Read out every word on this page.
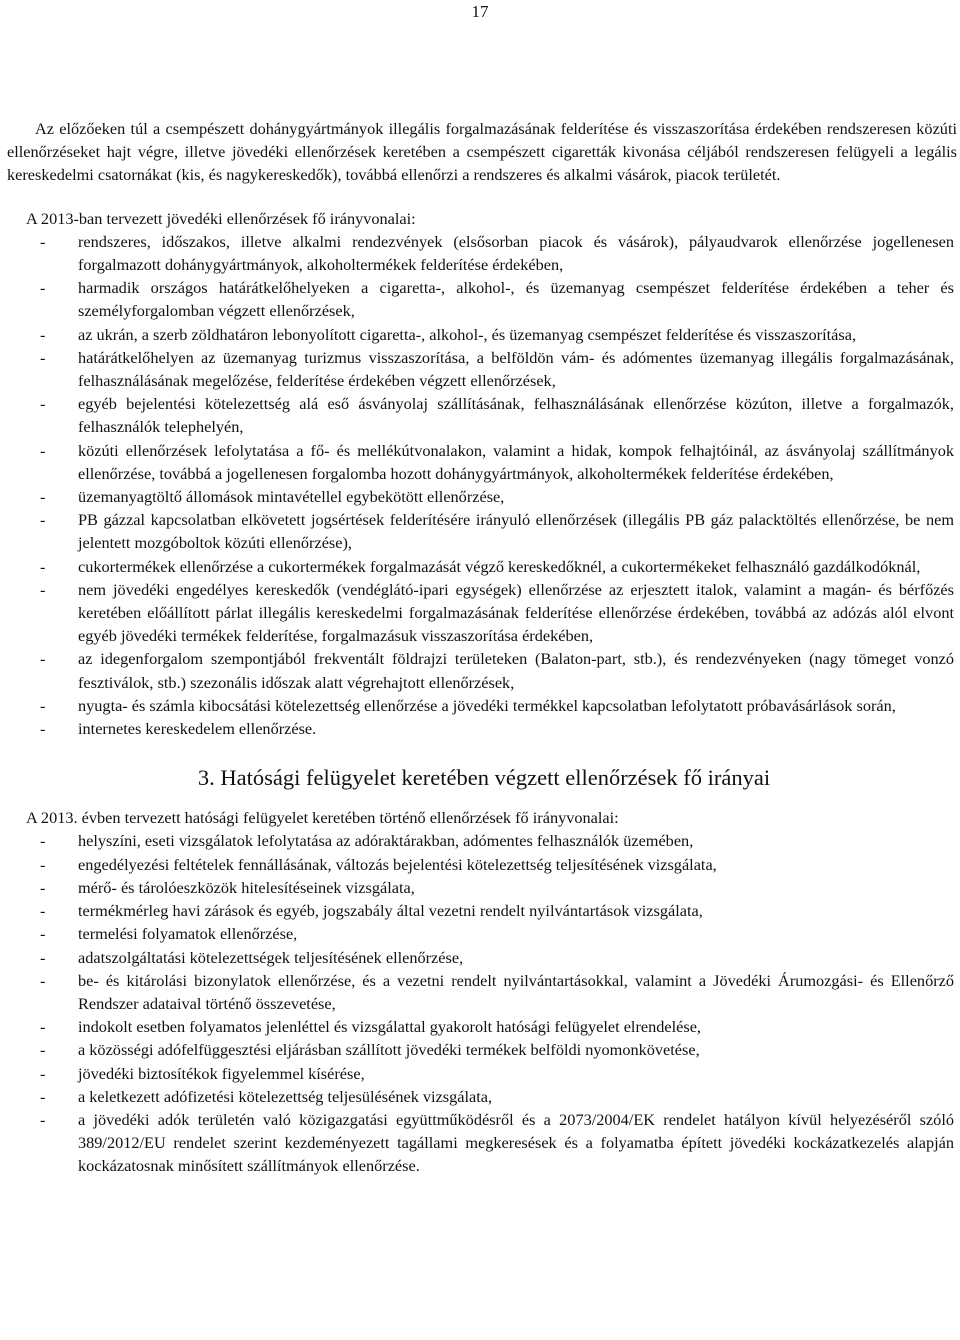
17

Az előzőeken túl a csempészett dohánygyártmányok illegális forgalmazásának felderítése és visszaszorítása érdekében rendszeresen közúti ellenőrzéseket hajt végre, illetve jövedéki ellenőrzések keretében a csempészett cigaretták kivonása céljából rendszeresen felügyeli a legális kereskedelmi csatornákat (kis, és nagykereskedők), továbbá ellenőrzi a rendszeres és alkalmi vásárok, piacok területét.

A 2013-ban tervezett jövedéki ellenőrzések fő irányvonalai:

- rendszeres, időszakos, illetve alkalmi rendezvények (elsősorban piacok és vásárok), pályaudvarok ellenőrzése jogellenesen forgalmazott dohánygyártmányok, alkoholtermékek felderítése érdekében,
- harmadik országos határátkelőhelyeken a cigaretta-, alkohol-, és üzemanyag csempészet felderítése érdekében a teher és személyforgalomban végzett ellenőrzések,
- az ukrán, a szerb zöldhatáron lebonyolított cigaretta-, alkohol-, és üzemanyag csempészet felderítése és visszaszorítása,
- határátkelőhelyen az üzemanyag turizmus visszaszorítása, a belföldön vám- és adómentes üzemanyag illegális forgalmazásának, felhasználásának megelőzése, felderítése érdekében végzett ellenőrzések,
- egyéb bejelentési kötelezettség alá eső ásványolaj szállításának, felhasználásának ellenőrzése közúton, illetve a forgalmazók, felhasználók telephelyén,
- közúti ellenőrzések lefolytatása a fő- és mellékútvonalakon, valamint a hidak, kompok felhajtóinál, az ásványolaj szállítmányok ellenőrzése, továbbá a jogellenesen forgalomba hozott dohánygyártmányok, alkoholtermékek felderítése érdekében,
- üzemanyagtöltő állomások mintavétellel egybekötött ellenőrzése,
- PB gázzal kapcsolatban elkövetett jogsértések felderítésére irányuló ellenőrzések (illegális PB gáz palacktöltés ellenőrzése, be nem jelentett mozgóboltok közúti ellenőrzése),
- cukortermékek ellenőrzése a cukortermékek forgalmazását végző kereskedőknél, a cukortermékeket felhasználó gazdálkodóknál,
- nem jövedéki engedélyes kereskedők (vendéglátó-ipari egységek) ellenőrzése az erjesztett italok, valamint a magán- és bérfőzés keretében előállított párlat illegális kereskedelmi forgalmazásának felderítése ellenőrzése érdekében, továbbá az adózás alól elvont egyéb jövedéki termékek felderítése, forgalmazásuk visszaszorítása érdekében,
- az idegenforgalom szempontjából frekventált földrajzi területeken (Balaton-part, stb.), és rendezvényeken (nagy tömeget vonzó fesztiválok, stb.) szezonális időszak alatt végrehajtott ellenőrzések,
- nyugta- és számla kibocsátási kötelezettség ellenőrzése a jövedéki termékkel kapcsolatban lefolytatott próbavásárlások során,
- internetes kereskedelem ellenőrzése.
3. Hatósági felügyelet keretében végzett ellenőrzések fő irányai

A 2013. évben tervezett hatósági felügyelet keretében történő ellenőrzések fő irányvonalai:

- helyszíni, eseti vizsgálatok lefolytatása az adóraktárakban, adómentes felhasználók üzemében,
- engedélyezési feltételek fennállásának, változás bejelentési kötelezettség teljesítésének vizsgálata,
- mérő- és tárolóeszközök hitelesítéseinek vizsgálata,
- termékmérleg havi zárások és egyéb, jogszabály által vezetni rendelt nyilvántartások vizsgálata,
- termelési folyamatok ellenőrzése,
- adatszolgáltatási kötelezettségek teljesítésének ellenőrzése,
- be- és kitárolási bizonylatok ellenőrzése, és a vezetni rendelt nyilvántartásokkal, valamint a Jövedéki Árumozgási- és Ellenőrző Rendszer adataival történő összevetése,
- indokolt esetben folyamatos jelenléttel és vizsgálattal gyakorolt hatósági felügyelet elrendelése,
- a közösségi adófelfüggesztési eljárásban szállított jövedéki termékek belföldi nyomonkövetése,
- jövedéki biztosítékok figyelemmel kísérése,
- a keletkezett adófizetési kötelezettség teljesülésének vizsgálata,
- a jövedéki adók területén való közigazgatási együttműködésről és a 2073/2004/EK rendelet hatályon kívül helyezéséről szóló 389/2012/EU rendelet szerint kezdeményezett tagállami megkeresések és a folyamatba épített jövedéki kockázatkezelés alapján kockázatosnak minősített szállítmányok ellenőrzése.
